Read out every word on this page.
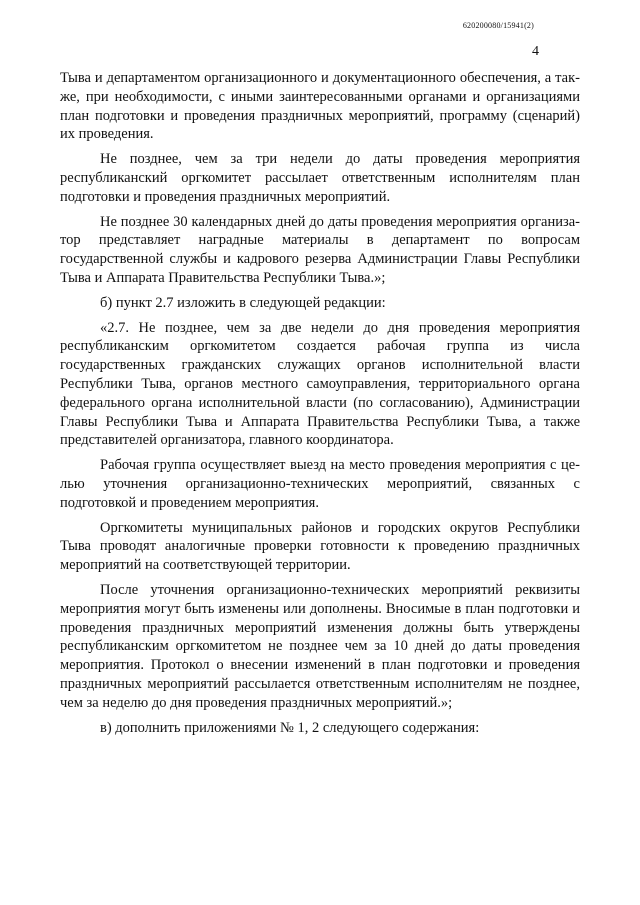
620200080/15941(2)
4

Тыва и департаментом организационного и документационного обеспечения, а также, при необходимости, с иными заинтересованными органами и организациями план подготовки и проведения праздничных мероприятий, программу (сценарий) их проведения.

Не позднее, чем за три недели до даты проведения мероприятия республиканский оргкомитет рассылает ответственным исполнителям план подготовки и проведения праздничных мероприятий.

Не позднее 30 календарных дней до даты проведения мероприятия организатор представляет наградные материалы в департамент по вопросам государственной службы и кадрового резерва Администрации Главы Республики Тыва и Аппарата Правительства Республики Тыва.»;

б) пункт 2.7 изложить в следующей редакции:

«2.7. Не позднее, чем за две недели до дня проведения мероприятия республиканским оргкомитетом создается рабочая группа из числа государственных гражданских служащих органов исполнительной власти Республики Тыва, органов местного самоуправления, территориального органа федерального органа исполнительной власти (по согласованию), Администрации Главы Республики Тыва и Аппарата Правительства Республики Тыва, а также представителей организатора, главного координатора.

Рабочая группа осуществляет выезд на место проведения мероприятия с целью уточнения организационно-технических мероприятий, связанных с подготовкой и проведением мероприятия.

Оргкомитеты муниципальных районов и городских округов Республики Тыва проводят аналогичные проверки готовности к проведению праздничных мероприятий на соответствующей территории.

После уточнения организационно-технических мероприятий реквизиты мероприятия могут быть изменены или дополнены. Вносимые в план подготовки и проведения праздничных мероприятий изменения должны быть утверждены республиканским оргкомитетом не позднее чем за 10 дней до даты проведения мероприятия. Протокол о внесении изменений в план подготовки и проведения праздничных мероприятий рассылается ответственным исполнителям не позднее, чем за неделю до дня проведения праздничных мероприятий.»;

в) дополнить приложениями № 1, 2 следующего содержания:
